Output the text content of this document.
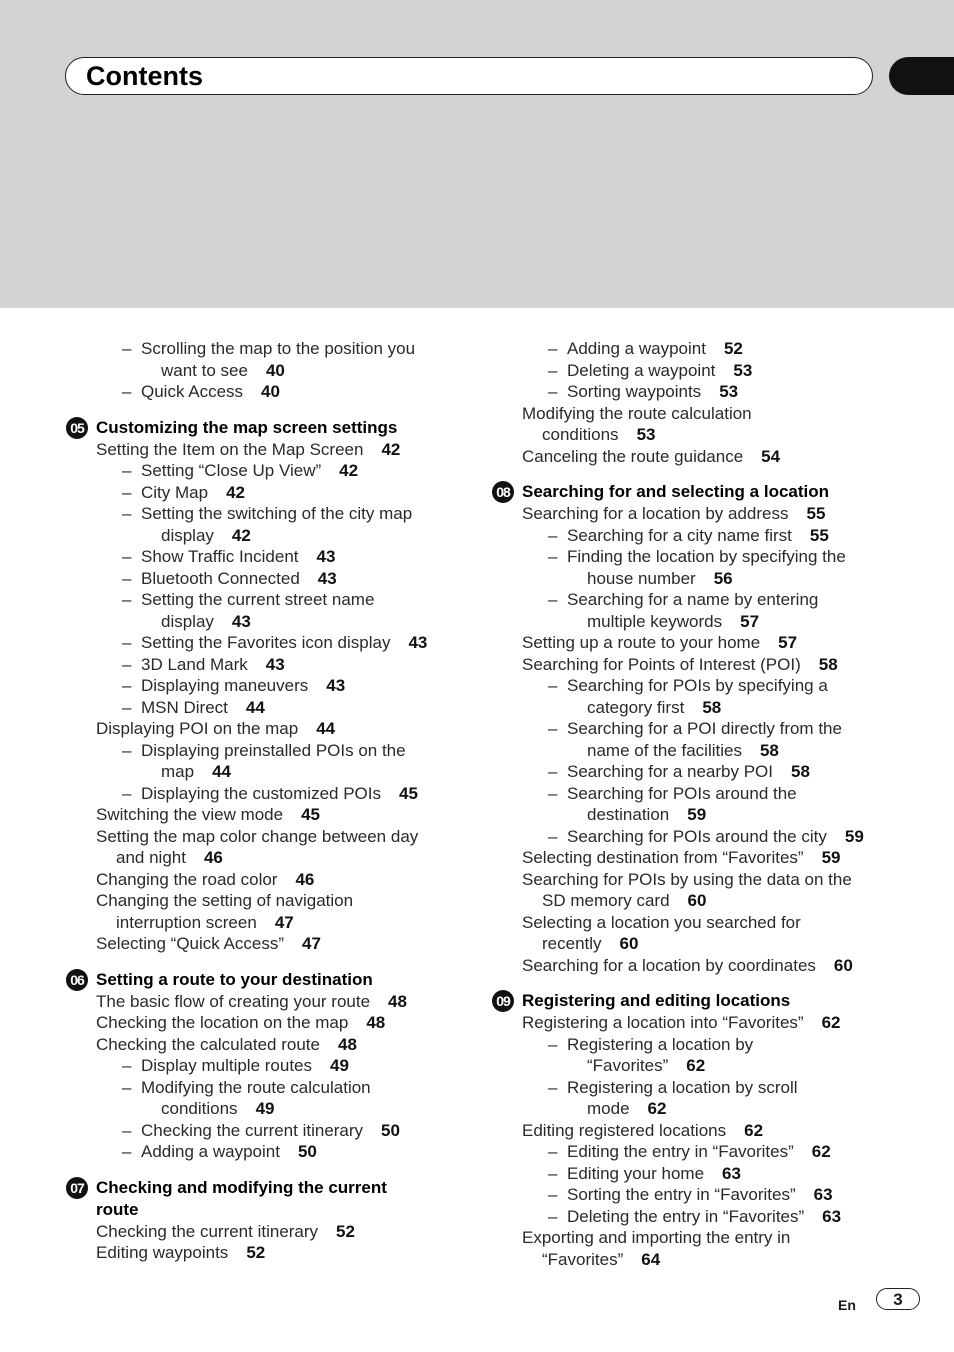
Contents
– Scrolling the map to the position you
want to see 40
– Quick Access 40
05 Customizing the map screen settings
Setting the Item on the Map Screen 42
– Setting “Close Up View” 42
– City Map 42
– Setting the switching of the city map
display 42
– Show Traffic Incident 43
– Bluetooth Connected 43
– Setting the current street name
display 43
– Setting the Favorites icon display 43
– 3D Land Mark 43
– Displaying maneuvers 43
– MSN Direct 44
Displaying POI on the map 44
– Displaying preinstalled POIs on the
map 44
– Displaying the customized POIs 45
Switching the view mode 45
Setting the map color change between day
and night 46
Changing the road color 46
Changing the setting of navigation
interruption screen 47
Selecting “Quick Access” 47
06 Setting a route to your destination
The basic flow of creating your route 48
Checking the location on the map 48
Checking the calculated route 48
– Display multiple routes 49
– Modifying the route calculation
conditions 49
– Checking the current itinerary 50
– Adding a waypoint 50
07 Checking and modifying the current
route
Checking the current itinerary 52
Editing waypoints 52
– Adding a waypoint 52
– Deleting a waypoint 53
– Sorting waypoints 53
Modifying the route calculation
conditions 53
Canceling the route guidance 54
08 Searching for and selecting a location
Searching for a location by address 55
– Searching for a city name first 55
– Finding the location by specifying the
house number 56
– Searching for a name by entering
multiple keywords 57
Setting up a route to your home 57
Searching for Points of Interest (POI) 58
– Searching for POIs by specifying a
category first 58
– Searching for a POI directly from the
name of the facilities 58
– Searching for a nearby POI 58
– Searching for POIs around the
destination 59
– Searching for POIs around the city 59
Selecting destination from “Favorites” 59
Searching for POIs by using the data on the
SD memory card 60
Selecting a location you searched for
recently 60
Searching for a location by coordinates 60
09 Registering and editing locations
Registering a location into “Favorites” 62
– Registering a location by
“Favorites” 62
– Registering a location by scroll
mode 62
Editing registered locations 62
– Editing the entry in “Favorites” 62
– Editing your home 63
– Sorting the entry in “Favorites” 63
– Deleting the entry in “Favorites” 63
Exporting and importing the entry in
“Favorites” 64
En	3
